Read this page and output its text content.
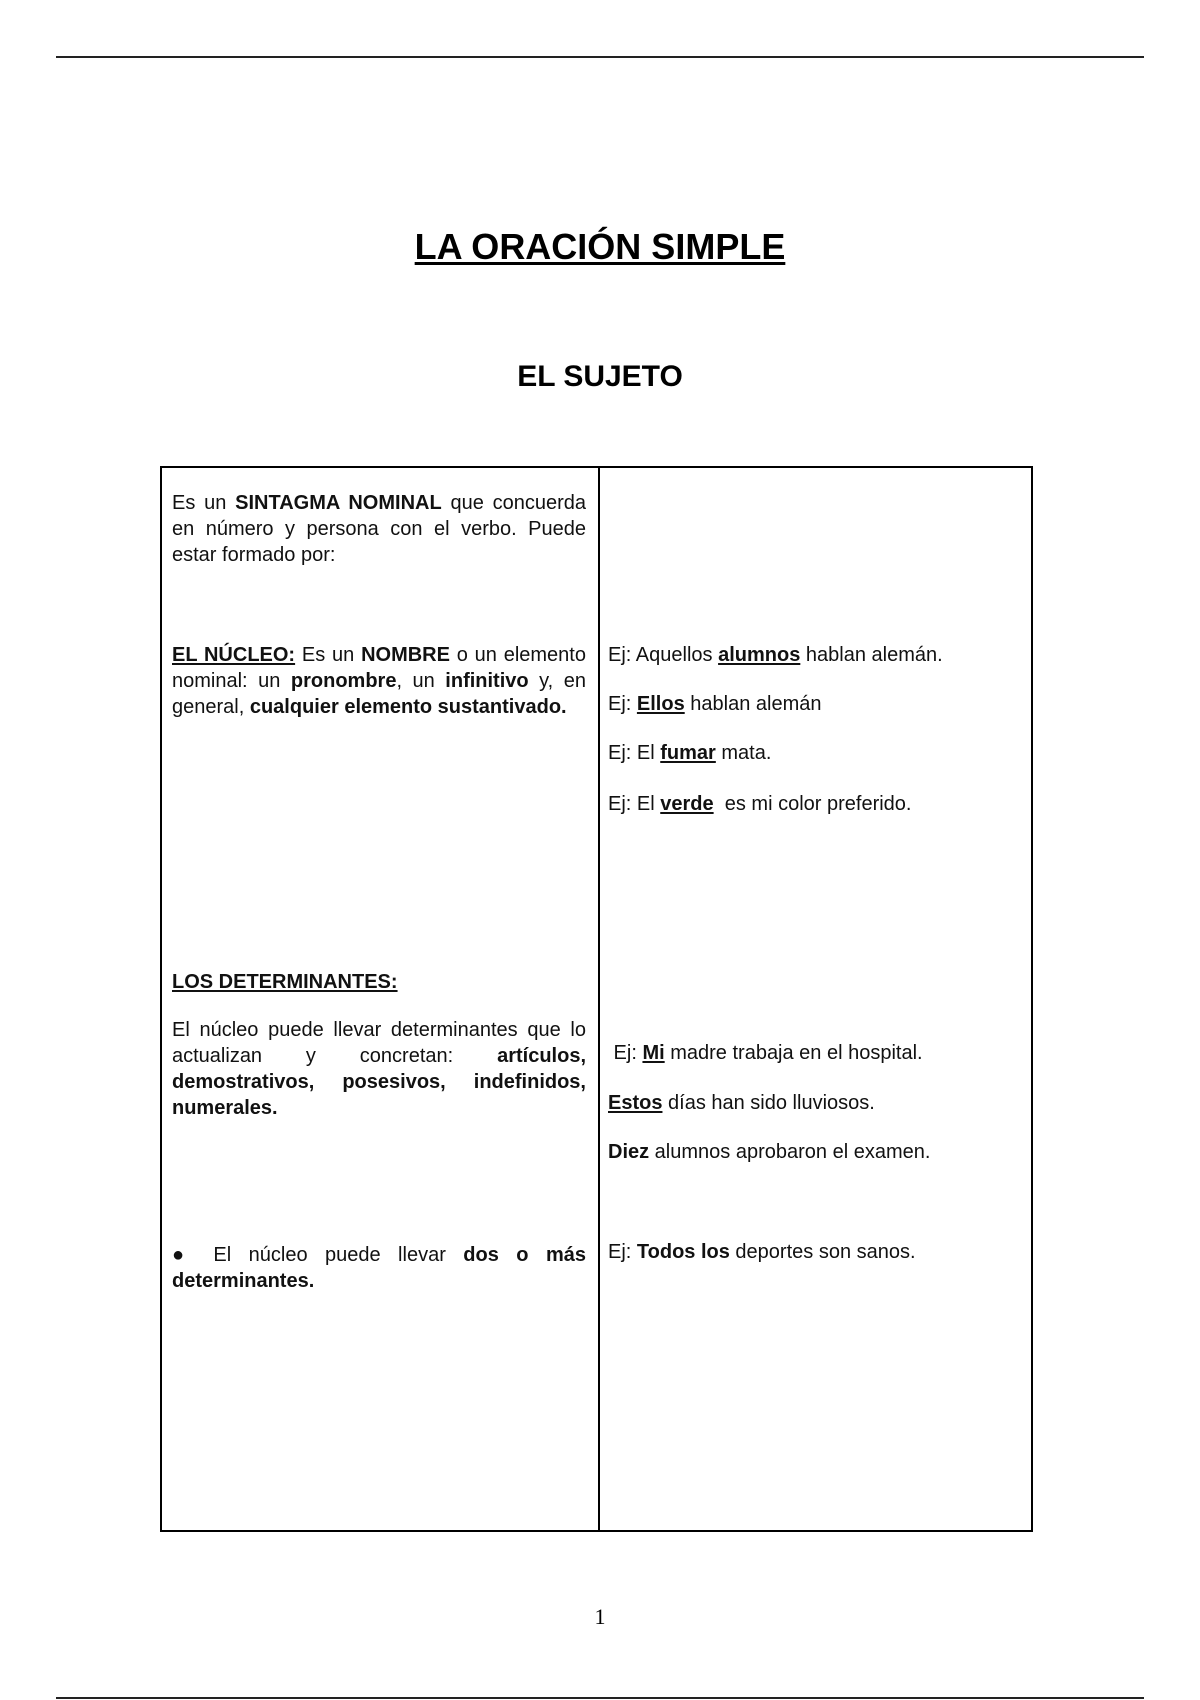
LA ORACIÓN SIMPLE
EL SUJETO

Es un SINTAGMA NOMINAL que concuerda en número y persona con el verbo. Puede estar formado por:

EL NÚCLEO: Es un NOMBRE o un elemento nominal: un pronombre, un infinitivo y, en general, cualquier elemento sustantivado.

LOS DETERMINANTES:

El núcleo puede llevar determinantes que lo actualizan y concretan: artículos, demostrativos, posesivos, indefinidos, numerales.

● El núcleo puede llevar dos o más determinantes.

Ej: Aquellos alumnos hablan alemán.

Ej: Ellos hablan alemán

Ej: El fumar mata.

Ej: El verde  es mi color preferido.

Ej: Mi madre trabaja en el hospital.

Estos días han sido lluviosos.

Diez alumnos aprobaron el examen.

Ej: Todos los deportes son sanos.

1
